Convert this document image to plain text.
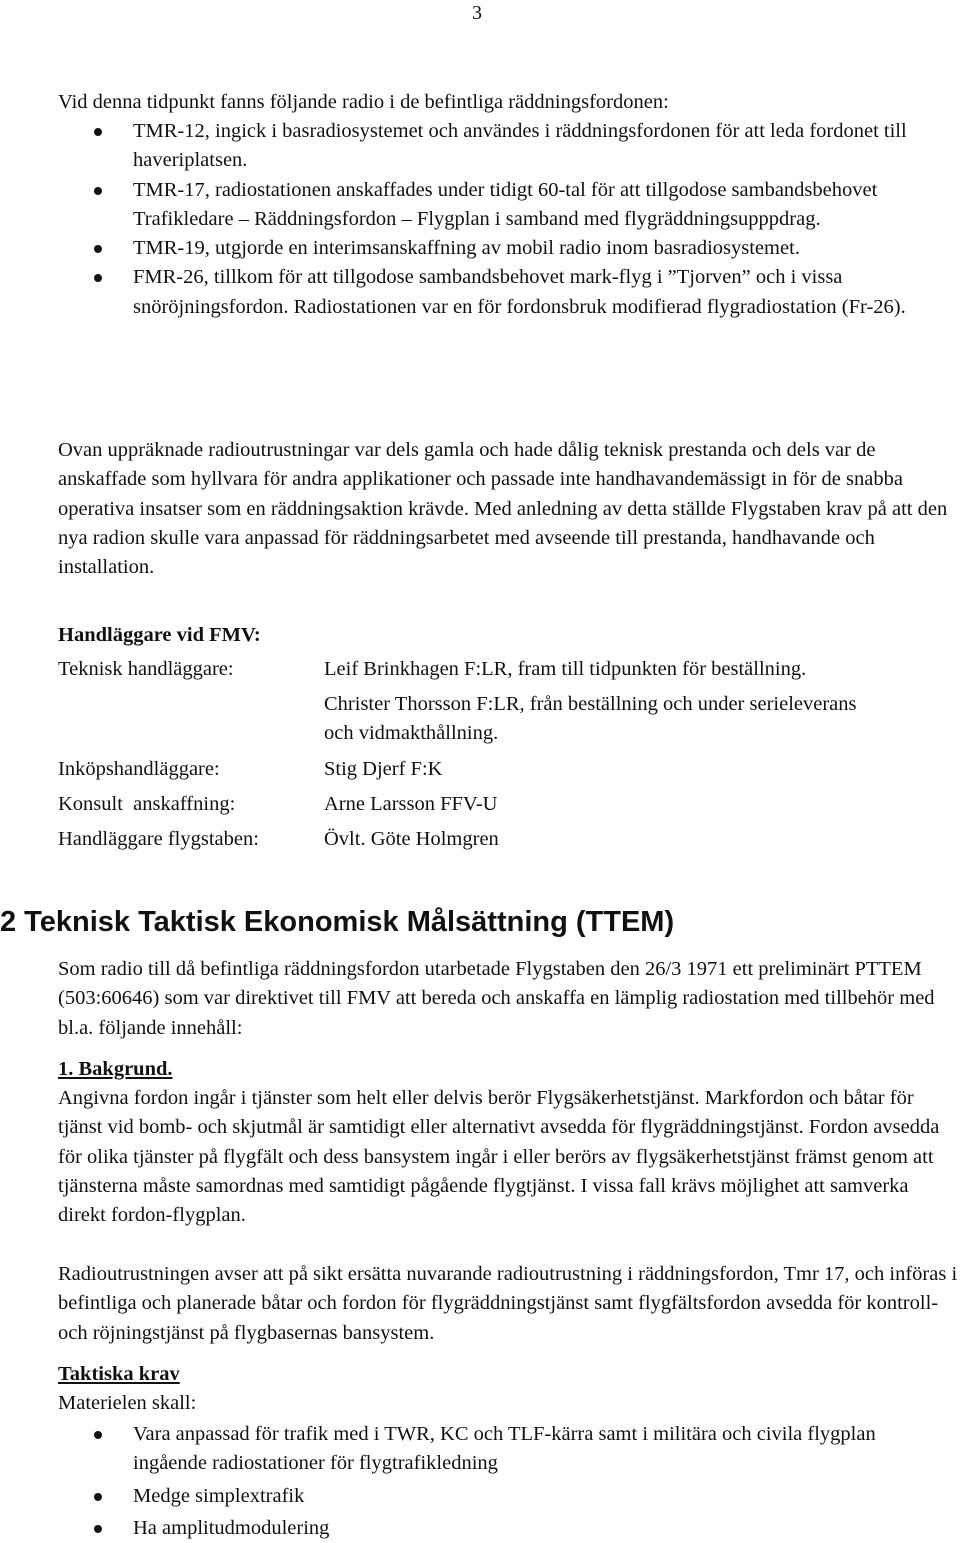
3

Vid denna tidpunkt fanns följande radio i de befintliga räddningsfordonen:

TMR-12, ingick i basradiosystemet och användes i räddningsfordonen för att leda fordonet till haveriplatsen.
TMR-17, radiostationen anskaffades under tidigt 60-tal för att tillgodose sambandsbehovet Trafikledare – Räddningsfordon – Flygplan i samband med flygräddningsupppdrag.
TMR-19, utgjorde en interimsanskaffning av mobil radio inom basradiosystemet.
FMR-26, tillkom för att tillgodose sambandsbehovet mark-flyg i ”Tjorven” och i vissa snöröjningsfordon. Radiostationen var en för fordonsbruk modifierad flygradiostation (Fr-26).

Ovan uppräknade radioutrustningar var dels gamla och hade dålig teknisk prestanda och dels var de anskaffade som hyllvara för andra applikationer och passade inte handhavandemässigt in för de snabba operativa insatser som en räddningsaktion krävde. Med anledning av detta ställde Flygstaben krav på att den nya radion skulle vara anpassad för räddningsarbetet med avseende till prestanda, handhavande och installation.

Handläggare vid FMV:
Teknisk handläggare:	Leif Brinkhagen F:LR, fram till tidpunkten för beställning.
Christer Thorsson F:LR, från beställning och under serieleverans och vidmakthållning.
Inköpshandläggare:	Stig Djerf F:K
Konsult  anskaffning:	Arne Larsson FFV-U
Handläggare flygstaben:	Övlt. Göte Holmgren
2 Teknisk Taktisk Ekonomisk Målsättning (TTEM)

Som radio till då befintliga räddningsfordon utarbetade Flygstaben den 26/3 1971 ett preliminärt PTTEM (503:60646) som var direktivet till FMV att bereda och anskaffa en lämplig radiostation med tillbehör med bl.a. följande innehåll:

1. Bakgrund.

Angivna fordon ingår i tjänster som helt eller delvis berör Flygsäkerhetstjänst. Markfordon och båtar för tjänst vid bomb- och skjutmål är samtidigt eller alternativt avsedda för flygräddningstjänst. Fordon avsedda för olika tjänster på flygfält och dess bansystem ingår i eller berörs av flygsäkerhetstjänst främst genom att tjänsterna måste samordnas med samtidigt pågående flygtjänst. I vissa fall krävs möjlighet att samverka direkt fordon-flygplan.

Radioutrustningen avser att på sikt ersätta nuvarande radioutrustning i räddningsfordon, Tmr 17, och införas i befintliga och planerade båtar och fordon för flygräddningstjänst samt flygfältsfordon avsedda för kontroll- och röjningstjänst på flygbasernas bansystem.

Taktiska krav

Materielen skall:

Vara anpassad för trafik med i TWR, KC och TLF-kärra samt i militära och civila flygplan ingående radiostationer för flygtrafikledning
Medge simplextrafik
Ha amplitudmodulering
